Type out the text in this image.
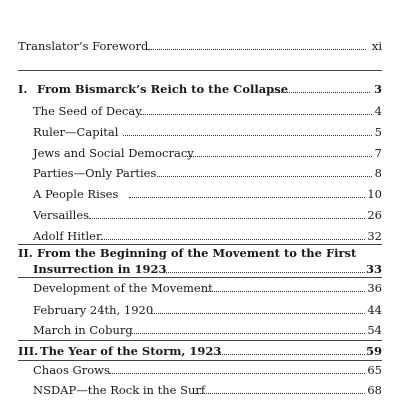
Translator’s Foreword	xi
I. From Bismarck’s Reich to the Collapse	3
The Seed of Decay	4
Ruler—Capital	5
Jews and Social Democracy	7
Parties—Only Parties	8
A People Rises	10
Versailles	26
Adolf Hitler	32
II. From the Beginning of the Movement to the First
Insurrection in 1923	33
Development of the Movement	36
February 24th, 1920	44
March in Coburg	54
III. The Year of the Storm, 1923	59
Chaos Grows	65
NSDAP—the Rock in the Surf	68
